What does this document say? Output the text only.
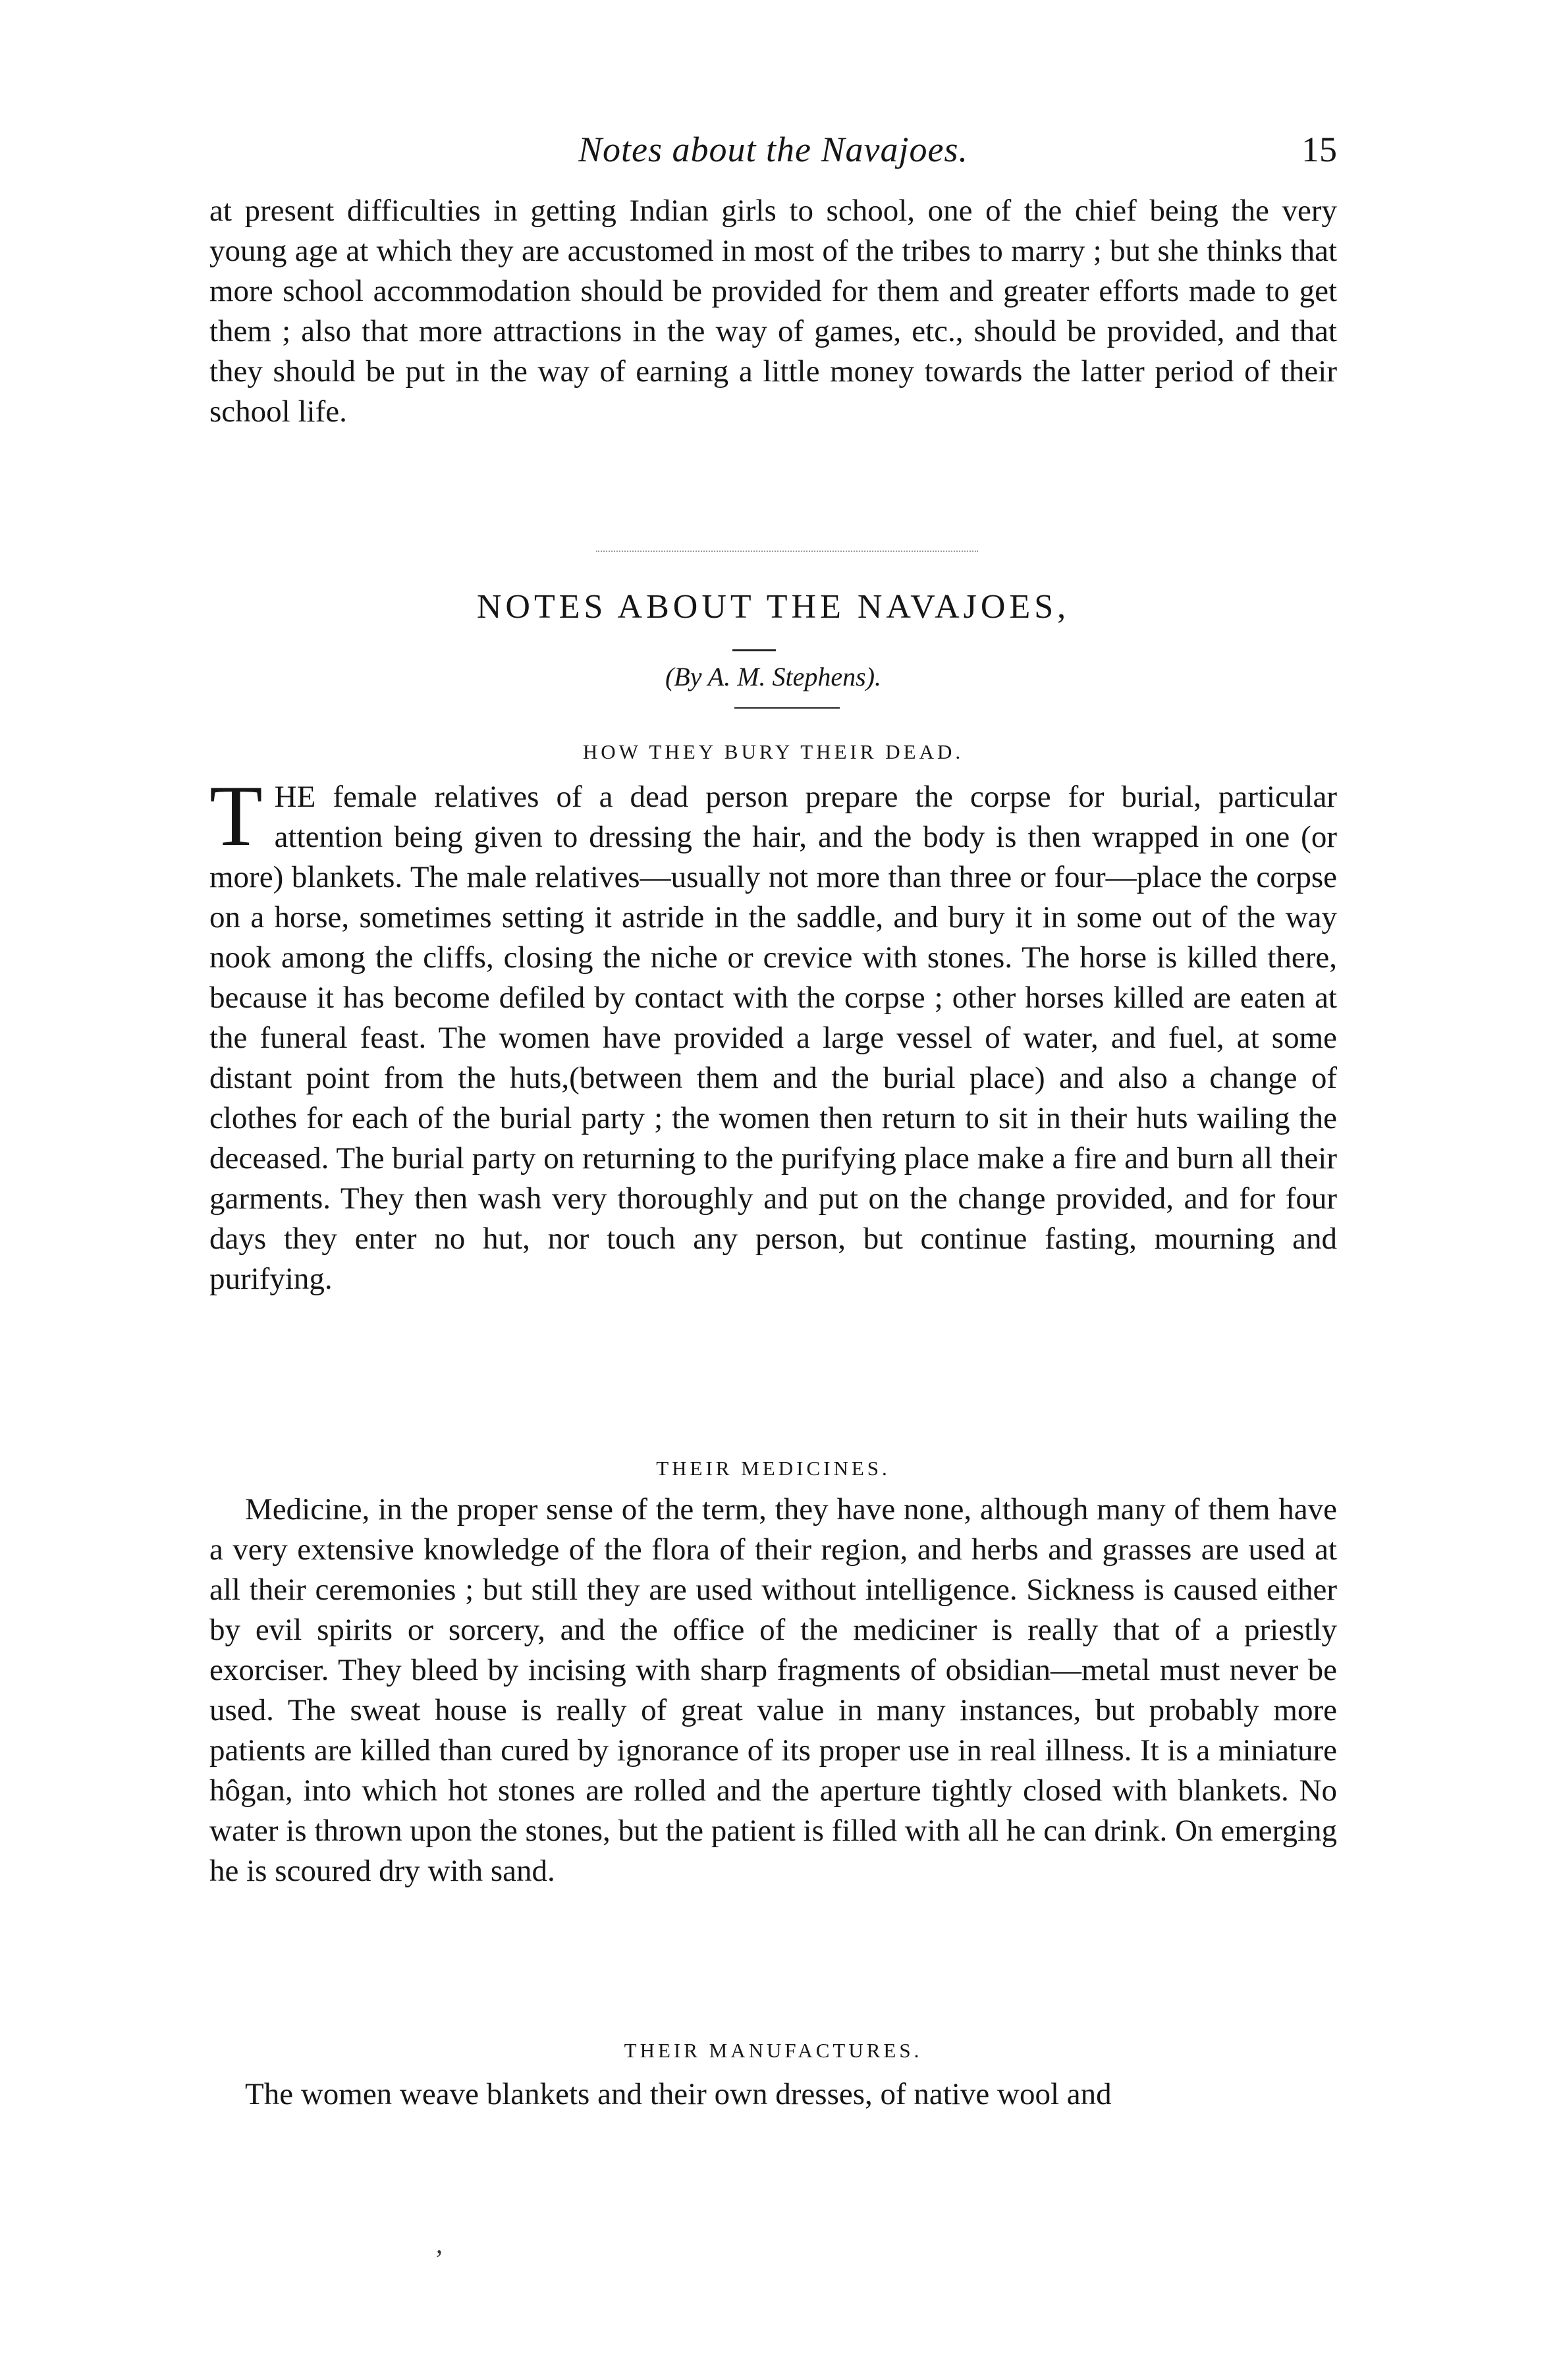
Notes about the Navajoes.	15

at present difficulties in getting Indian girls to school, one of the chief being the very young age at which they are accustomed in most of the tribes to marry ; but she thinks that more school accommodation should be provided for them and greater efforts made to get them ; also that more attractions in the way of games, etc., should be provided, and that they should be put in the way of earning a little money towards the latter period of their school life.

NOTES ABOUT THE NAVAJOES,
(By A. M. Stephens).
HOW THEY BURY THEIR DEAD.

THE female relatives of a dead person prepare the corpse for burial, particular attention being given to dressing the hair, and the body is then wrapped in one (or more) blankets. The male relatives—usually not more than three or four—place the corpse on a horse, sometimes setting it astride in the saddle, and bury it in some out of the way nook among the cliffs, closing the niche or crevice with stones. The horse is killed there, because it has become defiled by contact with the corpse ; other horses killed are eaten at the funeral feast. The women have provided a large vessel of water, and fuel, at some distant point from the huts,(between them and the burial place) and also a change of clothes for each of the burial party ; the women then return to sit in their huts wailing the deceased. The burial party on returning to the purifying place make a fire and burn all their garments. They then wash very thoroughly and put on the change provided, and for four days they enter no hut, nor touch any person, but continue fasting, mourning and purifying.

THEIR MEDICINES.

Medicine, in the proper sense of the term, they have none, although many of them have a very extensive knowledge of the flora of their region, and herbs and grasses are used at all their ceremonies ; but still they are used without intelligence. Sickness is caused either by evil spirits or sorcery, and the office of the mediciner is really that of a priestly exorciser. They bleed by incising with sharp fragments of obsidian—metal must never be used. The sweat house is really of great value in many instances, but probably more patients are killed than cured by ignorance of its proper use in real illness. It is a miniature hôgan, into which hot stones are rolled and the aperture tightly closed with blankets. No water is thrown upon the stones, but the patient is filled with all he can drink. On emerging he is scoured dry with sand.

THEIR MANUFACTURES.

The women weave blankets and their own dresses, of native wool and

,
